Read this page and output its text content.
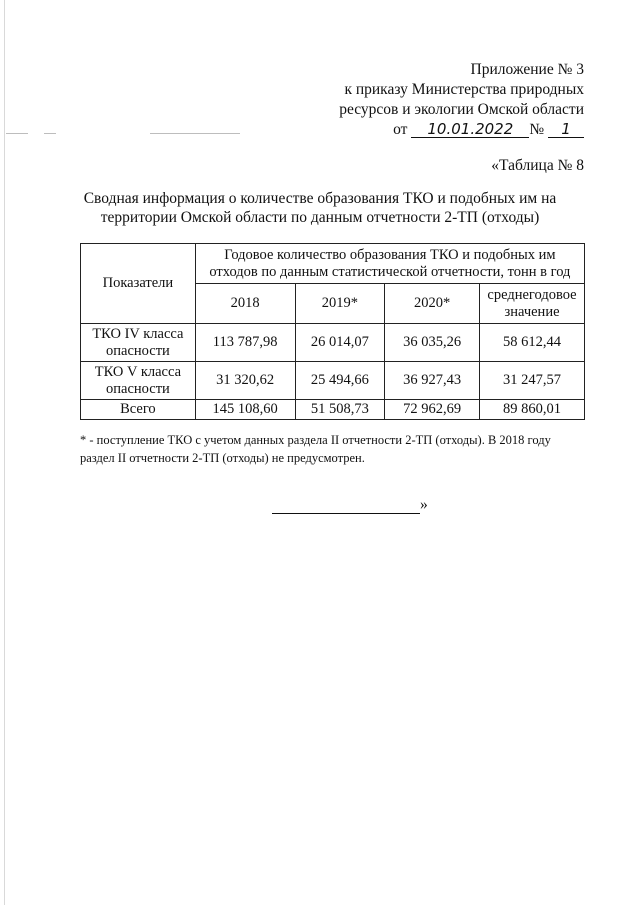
Приложение № 3
к приказу Министерства природных
ресурсов и экологии Омской области
от 10.01.2022 № 1
«Таблица № 8
Сводная информация о количестве образования ТКО и подобных им на
территории Омской области по данным отчетности 2-ТП (отходы)
Показатели	Годовое количество образования ТКО и подобных им
отходов по данным статистической отчетности, тонн в год			

	2018	2019*	2020*	среднегодовое значение

ТКО IV класса
опасности	113 787,98	26 014,07	36 035,26	58 612,44

ТКО V класса
опасности	31 320,62	25 494,66	36 927,43	31 247,57
Всего	145 108,60	51 508,73	72 962,69	89 860,01
* - поступление ТКО с учетом данных раздела II отчетности 2-ТП (отходы). В 2018 году раздел II отчетности 2-ТП (отходы) не предусмотрен.
»
